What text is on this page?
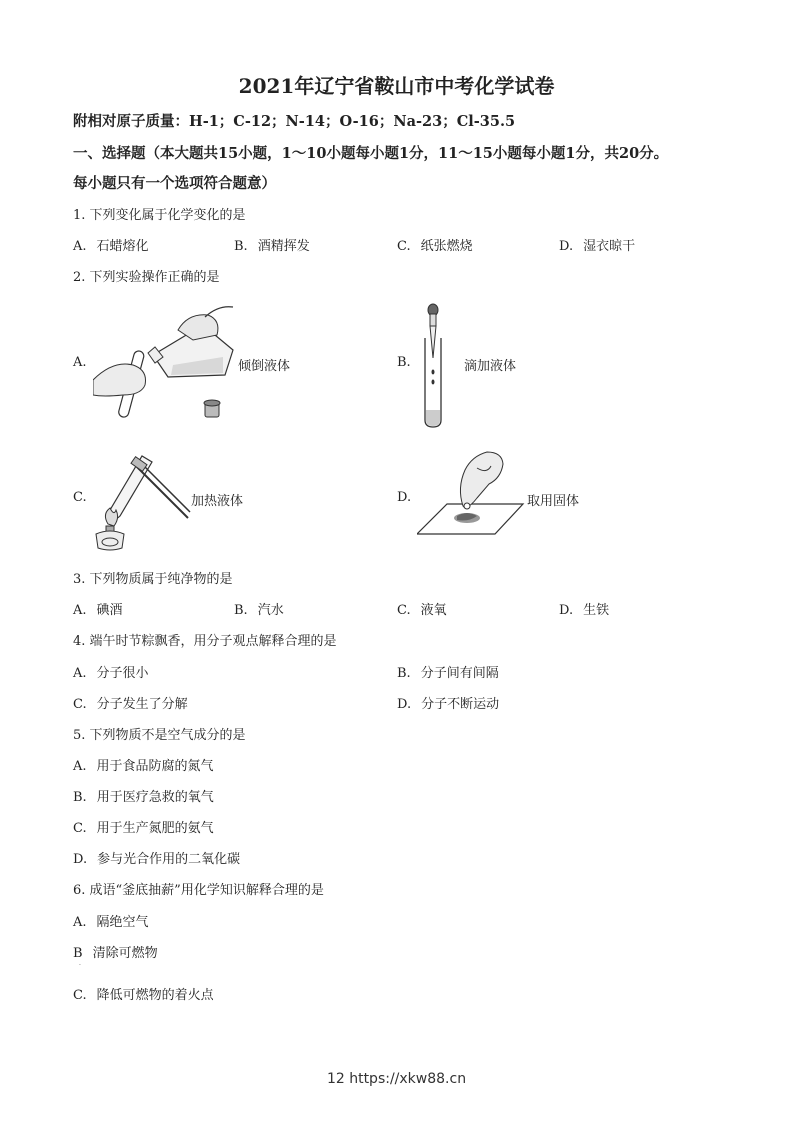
2021年辽宁省鞍山市中考化学试卷
附相对原子质量：H-1；C-12；N-14；O-16；Na-23；Cl-35.5
一、选择题（本大题共15小题，1～10小题每小题1分，11～15小题每小题1分，共20分。
每小题只有一个选项符合题意）
1. 下列变化属于化学变化的是
A. 石蜡熔化	B. 酒精挥发	C. 纸张燃烧	D. 湿衣晾干
2. 下列实验操作正确的是
A.	倾倒液体	B.	滴加液体
C.	加热液体	D.	取用固体
3. 下列物质属于纯净物的是
A. 碘酒	B. 汽水	C. 液氧	D. 生铁
4. 端午时节粽飘香，用分子观点解释合理的是
A. 分子很小	B. 分子间有间隔
C. 分子发生了分解	D. 分子不断运动
5. 下列物质不是空气成分的是
A. 用于食品防腐的氮气
B. 用于医疗急救的氧气
C. 用于生产氮肥的氨气
D. 参与光合作用的二氧化碳
6. 成语“釜底抽薪”用化学知识解释合理的是
A. 隔绝空气
B 清除可燃物
.
C. 降低可燃物的着火点
12 https://xkw88.cn
